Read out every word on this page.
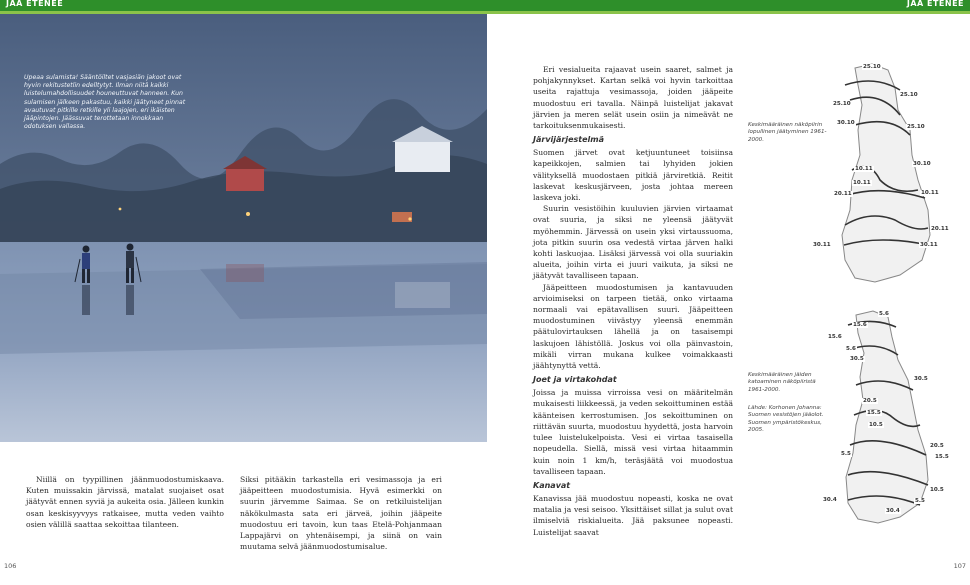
JÄÄ ETENEE	JÄÄ ETENEE
Upeaa sulamista! Sääntöiltet vasjasiän jakoot ovat hyvin rekitustetlin edelltytyt. Ilman niitä kaikki luistelumahdollisuudet houneuttuvat hanneen. Kun sulamisen jälkeen pakastuu, kaikki jäätyneet pinnat avautuvat pitkille retkille yli laajojen, eri ikäisten jääpintojen. Jäässuvat terottetaan innokkaan odotuksen vallassa.

Niillä on tyypillinen jäänmuodostumiskaava. Kuten muissakin järvissä, matalat suojaiset osat jäätyvät ennen syviä ja aukeita osia. Jälleen kunkin osan keskisyyvyys ratkaisee, mutta veden vaihto osien välillä saattaa sekoittaa tilanteen.

Siksi pitääkin tarkastella eri vesimassoja ja eri jääpeitteen muodostumisia. Hyvä esimerkki on suurin järvemme Saimaa. Se on retkiluistelijan näkökulmasta sata eri järveä, joihin jääpeite muodostuu eri tavoin, kun taas Etelä-Pohjanmaan Lappajärvi on yhtenäisempi, ja siinä on vain muutama selvä jäänmuodostumisalue.

106

Eri vesialueita rajaavat usein saaret, salmet ja pohjakynnykset. Kartan selkä voi hyvin tarkoittaa useita rajattuja vesimassoja, joiden jääpeite muodostuu eri tavalla. Näinpä luistelijat jakavat järvien ja meren selät usein osiin ja nimeävät ne tarkoituksenmukaisesti.

Järvijärjestelmä

Suomen järvet ovat ketjuuntuneet toisiinsa kapeikkojen, salmien tai lyhyiden jokien välityksellä muodostaen pitkiä järviretkiä. Reitit laskevat keskusjärveen, josta johtaa mereen laskeva joki.

Suurin vesistöihin kuuluvien järvien virtaamat ovat suuria, ja siksi ne yleensä jäätyvät myöhemmin. Järvessä on usein yksi virtaussuoma, jota pitkin suurin osa vedestä virtaa järven halki kohti laskuojaa. Lisäksi järvessä voi olla suuriakin alueita, joihin virta ei juuri vaikuta, ja siksi ne jäätyvät tavalliseen tapaan.

Jääpeitteen muodostumisen ja kantavuuden arvioimiseksi on tarpeen tietää, onko virtaama normaali vai epätavallisen suuri. Jääpeitteen muodostuminen viivästyy yleensä enemmän päätulovirtauksen lähellä ja on tasaisempi laskujoen lähistöllä. Joskus voi olla päinvastoin, mikäli virran mukana kulkee voimakkaasti jäähtynyttä vettä.

Joet ja virtakohdat

Joissa ja muissa virroissa vesi on määritelmän mukaisesti liikkeessä, ja veden sekoittuminen estää käänteisen kerrostumisen. Jos sekoittuminen on riittävän suurta, muodostuu hyydettä, josta harvoin tulee luistelukelpoista. Vesi ei virtaa tasaisella nopeudella. Siellä, missä vesi virtaa hitaammin kuin noin 1 km/h, teräsjäätä voi muodostua tavalliseen tapaan.

Kanavat

Kanavissa jää muodostuu nopeasti, koska ne ovat matalia ja vesi seisoo. Yksittäiset sillat ja sulut ovat ilmiselviä riskialueita. Jää paksunee nopeasti. Luistelijat saavat

107
Keskimääräinen näköpiirin lopullinen jäätyminen 1961-2000.
25.10
25.10
25.10
30.10
25.10
30.10
10.11
10.11
20.11	10.11
20.11
30.11	30.11
Keskimääräinen jäiden katoaminen näköpiiristä 1961-2000.
Lähde: Korhonen Johanna: Suomen vesistöjen jääolot. Suomen ympäristökeskus, 2005.
5.6
15.6
15.6
5.6
30.5
30.5
20.5
15.5
10.5
20.5
15.5
5.5
10.5
5.5
30.4
30.4
